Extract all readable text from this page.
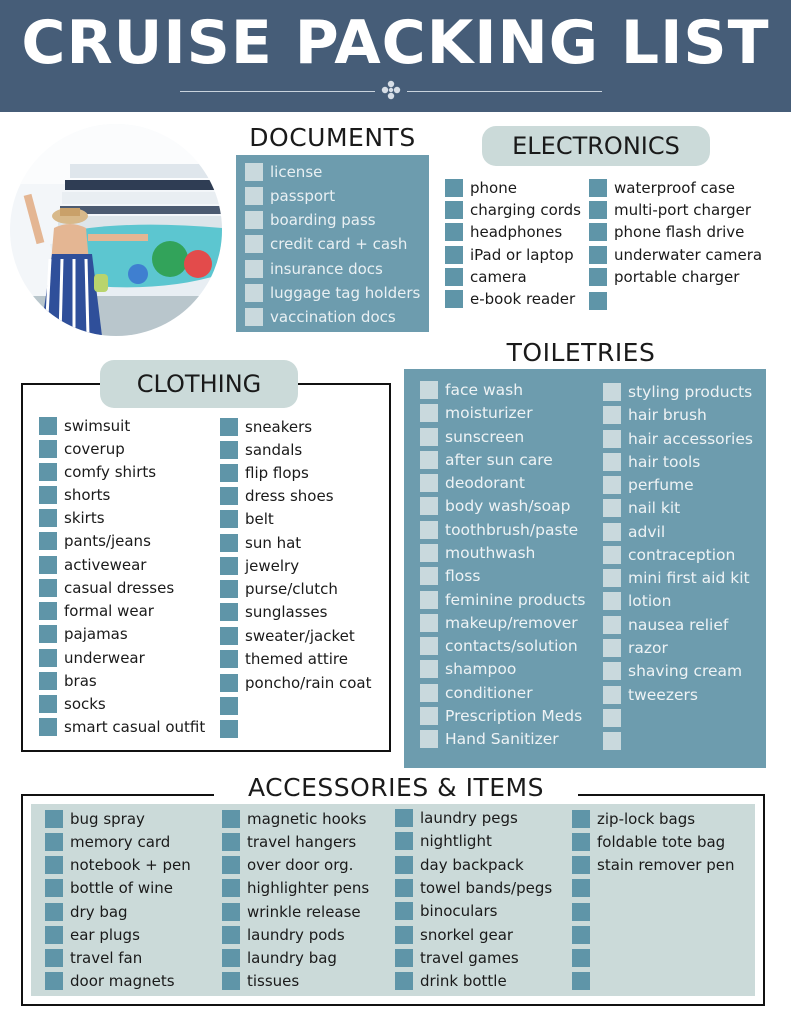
CRUISE PACKING LIST
DOCUMENTS
license
passport
boarding pass
credit card + cash
insurance docs
luggage tag holders
vaccination docs
ELECTRONICS
phone
charging cords
headphones
iPad or laptop
camera
e-book reader
waterproof case
multi-port charger
phone flash drive
underwater camera
portable charger
CLOTHING
swimsuit
coverup
comfy shirts
shorts
skirts
pants/jeans
activewear
casual dresses
formal wear
pajamas
underwear
bras
socks
smart casual outfit
sneakers
sandals
flip flops
dress shoes
belt
sun hat
jewelry
purse/clutch
sunglasses
sweater/jacket
themed attire
poncho/rain coat
TOILETRIES
face wash
moisturizer
sunscreen
after sun care
deodorant
body wash/soap
toothbrush/paste
mouthwash
floss
feminine products
makeup/remover
contacts/solution
shampoo
conditioner
Prescription Meds
Hand Sanitizer
styling products
hair brush
hair accessories
hair tools
perfume
nail kit
advil
contraception
mini first aid kit
lotion
nausea relief
razor
shaving cream
tweezers
ACCESSORIES & ITEMS
bug spray
memory card
notebook + pen
bottle of wine
dry bag
ear plugs
travel fan
door magnets
magnetic hooks
travel hangers
over door org.
highlighter pens
wrinkle release
laundry pods
laundry bag
tissues
laundry pegs
nightlight
day backpack
towel bands/pegs
binoculars
snorkel gear
travel games
drink bottle
zip-lock bags
foldable tote bag
stain remover pen
